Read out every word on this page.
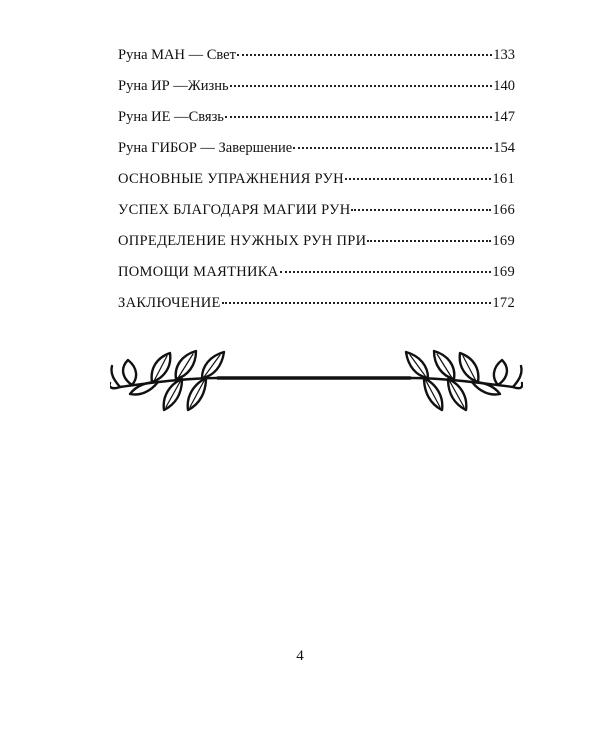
Руна МАН — Свет	133
Руна ИР —Жизнь	140
Руна ИЕ —Связь	147
Руна ГИБОР — Завершение	154
ОСНОВНЫЕ УПРАЖНЕНИЯ РУН	161
УСПЕХ БЛАГОДАРЯ МАГИИ РУН	166
ОПРЕДЕЛЕНИЕ НУЖНЫХ РУН ПРИ	169
ПОМОЩИ МАЯТНИКА	169
ЗАКЛЮЧЕНИЕ	172
4
